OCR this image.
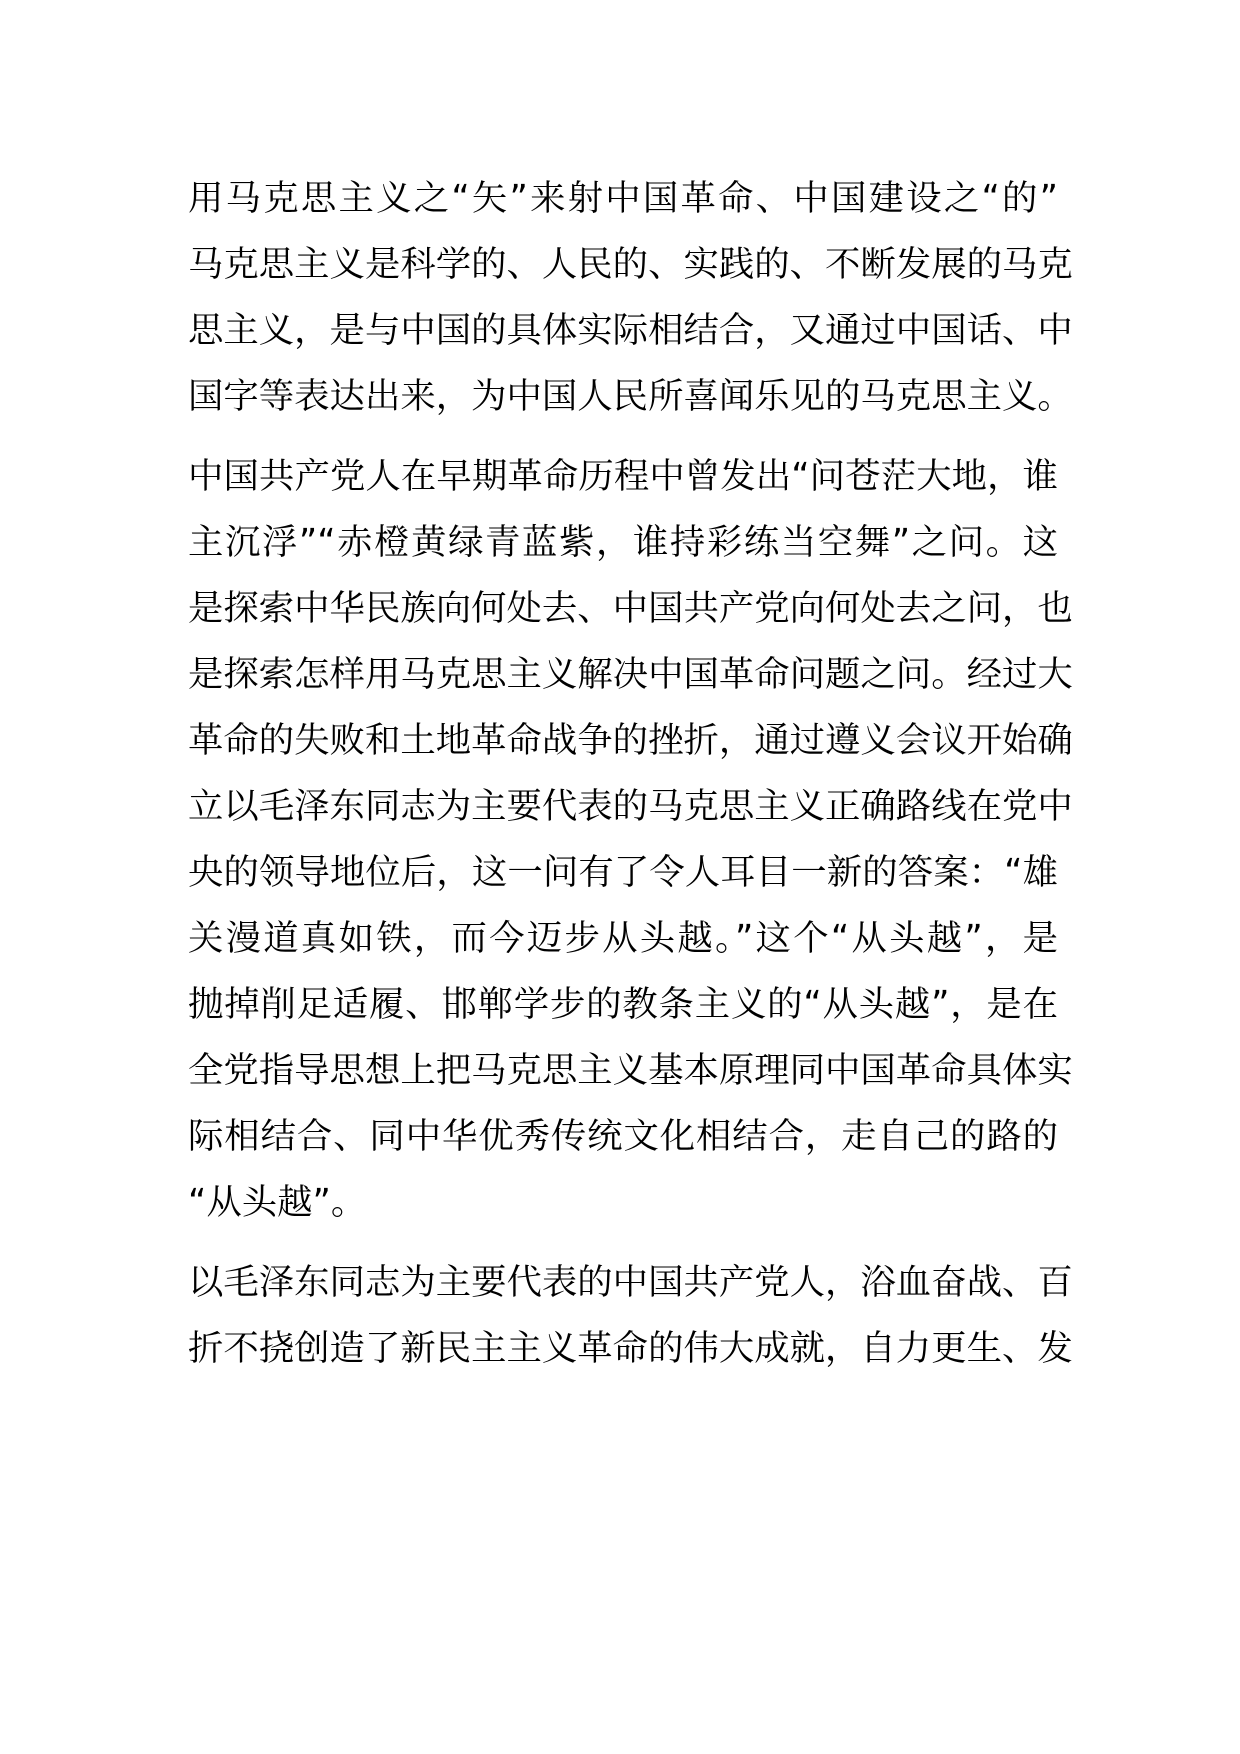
用马克思主义之“矢”来射中国革命、中国建设之“的”
马克思主义是科学的、人民的、实践的、不断发展的马克
思主义，是与中国的具体实际相结合，又通过中国话、中
国字等表达出来，为中国人民所喜闻乐见的马克思主义。
中国共产党人在早期革命历程中曾发出“问苍茫大地，谁
主沉浮”“赤橙黄绿青蓝紫，谁持彩练当空舞”之问。这
是探索中华民族向何处去、中国共产党向何处去之问，也
是探索怎样用马克思主义解决中国革命问题之问。经过大
革命的失败和土地革命战争的挫折，通过遵义会议开始确
立以毛泽东同志为主要代表的马克思主义正确路线在党中
央的领导地位后，这一问有了令人耳目一新的答案：“雄
关漫道真如铁，而今迈步从头越。”这个“从头越”，是
抛掉削足适履、邯郸学步的教条主义的“从头越”，是在
全党指导思想上把马克思主义基本原理同中国革命具体实
际相结合、同中华优秀传统文化相结合，走自己的路的
“从头越”。
以毛泽东同志为主要代表的中国共产党人，浴血奋战、百
折不挠创造了新民主主义革命的伟大成就，自力更生、发
